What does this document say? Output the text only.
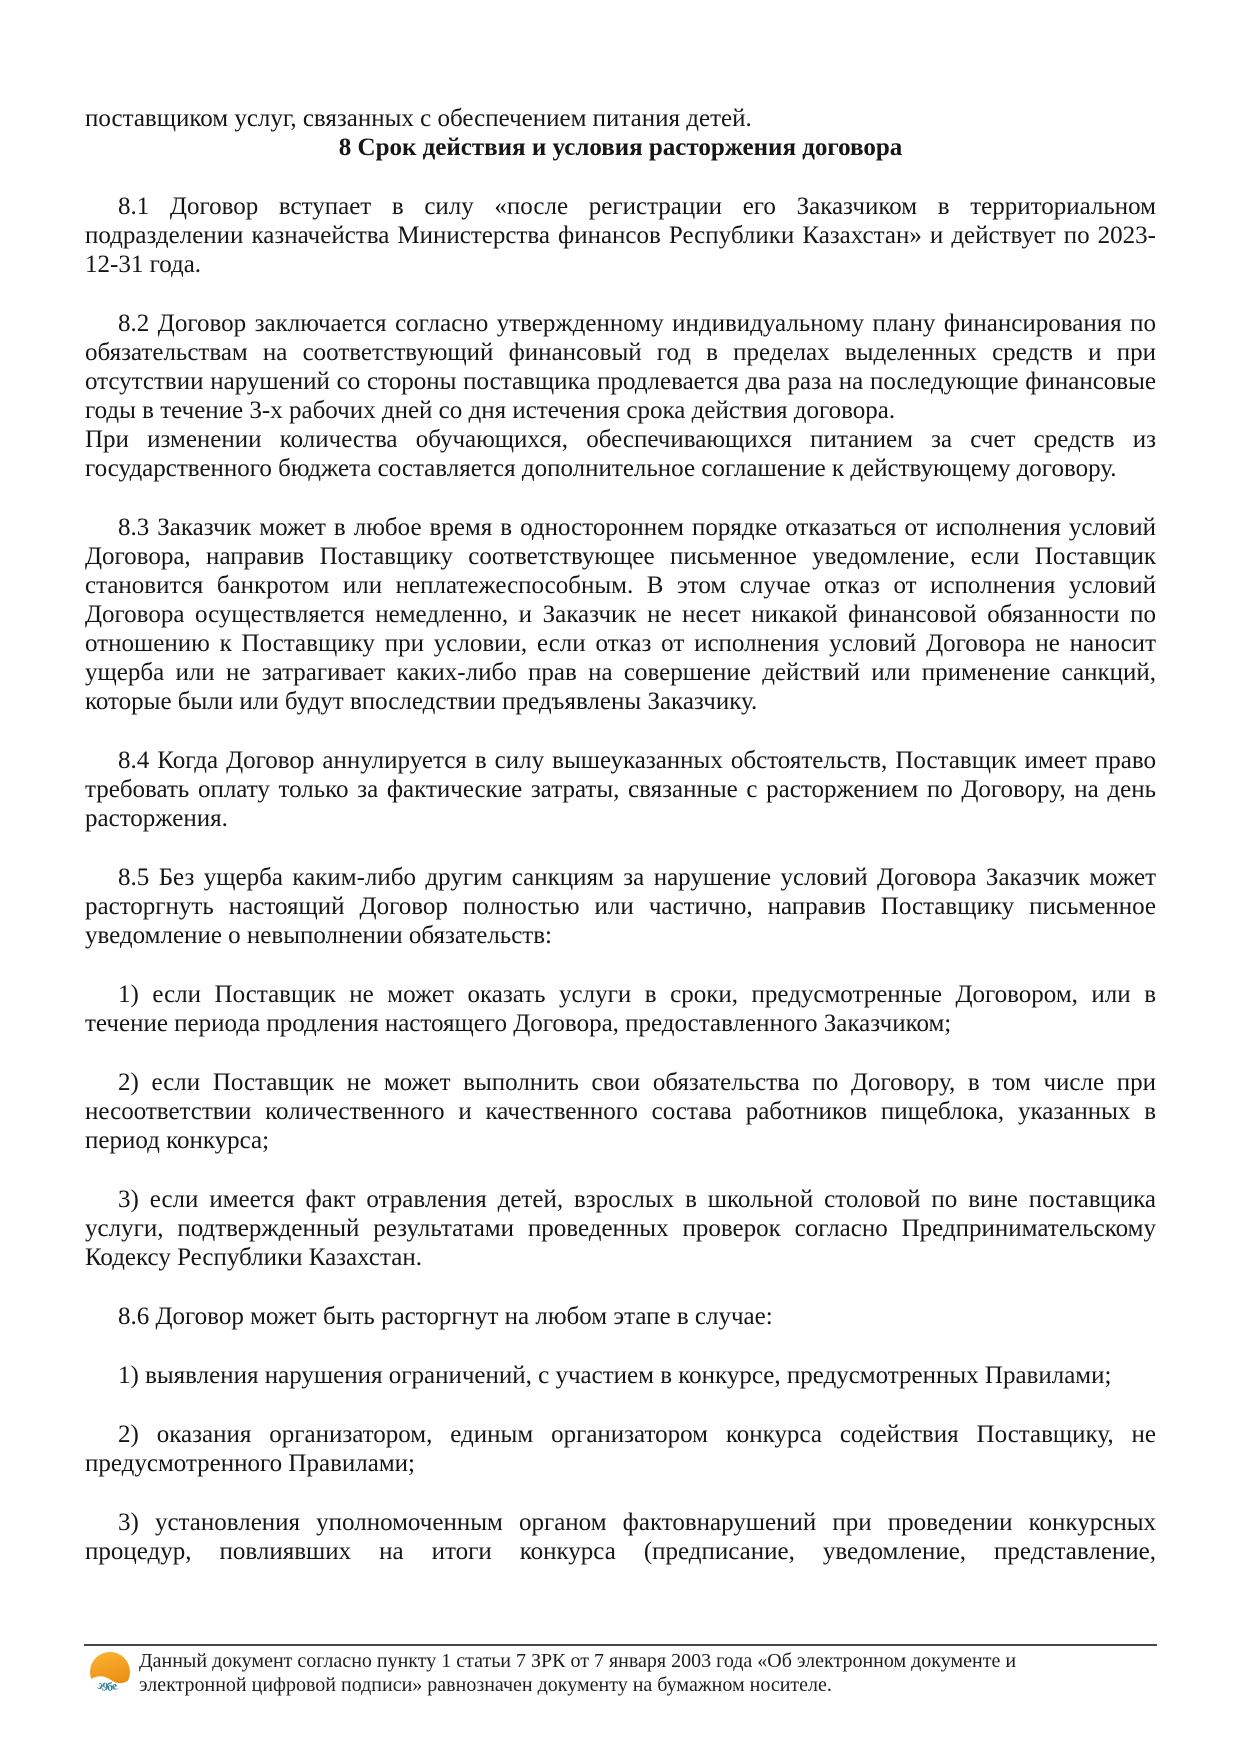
поставщиком услуг, связанных с обеспечением питания детей.

8 Срок действия и условия расторжения договора

8.1 Договор вступает в силу «после регистрации его Заказчиком в территориальном подразделении казначейства Министерства финансов Республики Казахстан» и действует по 2023-12-31 года.

8.2 Договор заключается согласно утвержденному индивидуальному плану финансирования по обязательствам на соответствующий финансовый год в пределах выделенных средств и при отсутствии нарушений со стороны поставщика продлевается два раза на последующие финансовые годы в течение 3-х рабочих дней со дня истечения срока действия договора.

При изменении количества обучающихся, обеспечивающихся питанием за счет средств из государственного бюджета составляется дополнительное соглашение к действующему договору.

8.3 Заказчик может в любое время в одностороннем порядке отказаться от исполнения условий Договора, направив Поставщику соответствующее письменное уведомление, если Поставщик становится банкротом или неплатежеспособным. В этом случае отказ от исполнения условий Договора осуществляется немедленно, и Заказчик не несет никакой финансовой обязанности по отношению к Поставщику при условии, если отказ от исполнения условий Договора не наносит ущерба или не затрагивает каких-либо прав на совершение действий или применение санкций, которые были или будут впоследствии предъявлены Заказчику.

8.4 Когда Договор аннулируется в силу вышеуказанных обстоятельств, Поставщик имеет право требовать оплату только за фактические затраты, связанные с расторжением по Договору, на день расторжения.

8.5 Без ущерба каким-либо другим санкциям за нарушение условий Договора Заказчик может расторгнуть настоящий Договор полностью или частично, направив Поставщику письменное уведомление о невыполнении обязательств:

1) если Поставщик не может оказать услуги в сроки, предусмотренные Договором, или в течение периода продления настоящего Договора, предоставленного Заказчиком;

2) если Поставщик не может выполнить свои обязательства по Договору, в том числе при несоответствии количественного и качественного состава работников пищеблока, указанных в период конкурса;

3) если имеется факт отравления детей, взрослых в школьной столовой по вине поставщика услуги, подтвержденный результатами проведенных проверок согласно Предпринимательскому Кодексу Республики Казахстан.

8.6 Договор может быть расторгнут на любом этапе в случае:

1) выявления нарушения ограничений, с участием в конкурсе, предусмотренных Правилами;

2) оказания организатором, единым организатором конкурса содействия Поставщику, не предусмотренного Правилами;

3) установления уполномоченным органом фактовнарушений при проведении конкурсных процедур, повлиявших на итоги конкурса (предписание, уведомление, представление,

э9бе
Данный документ согласно пункту 1 статьи 7 ЗРК от 7 января 2003 года «Об электронном документе и
электронной цифровой подписи» равнозначен документу на бумажном носителе.
